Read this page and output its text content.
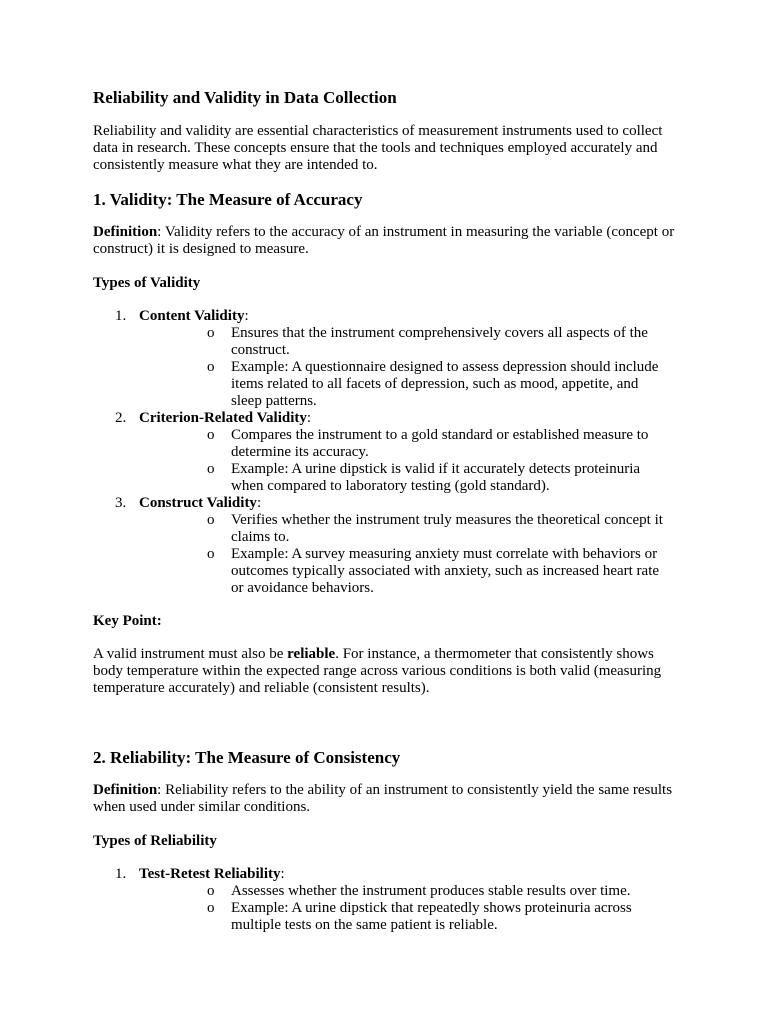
Reliability and Validity in Data Collection

Reliability and validity are essential characteristics of measurement instruments used to collect data in research. These concepts ensure that the tools and techniques employed accurately and consistently measure what they are intended to.

1. Validity: The Measure of Accuracy

Definition: Validity refers to the accuracy of an instrument in measuring the variable (concept or construct) it is designed to measure.

Types of Validity
1. Content Validity:
o Ensures that the instrument comprehensively covers all aspects of the construct.
o Example: A questionnaire designed to assess depression should include items related to all facets of depression, such as mood, appetite, and sleep patterns.
2. Criterion-Related Validity:
o Compares the instrument to a gold standard or established measure to determine its accuracy.
o Example: A urine dipstick is valid if it accurately detects proteinuria when compared to laboratory testing (gold standard).
3. Construct Validity:
o Verifies whether the instrument truly measures the theoretical concept it claims to.
o Example: A survey measuring anxiety must correlate with behaviors or outcomes typically associated with anxiety, such as increased heart rate or avoidance behaviors.
Key Point:

A valid instrument must also be reliable. For instance, a thermometer that consistently shows body temperature within the expected range across various conditions is both valid (measuring temperature accurately) and reliable (consistent results).

2. Reliability: The Measure of Consistency

Definition: Reliability refers to the ability of an instrument to consistently yield the same results when used under similar conditions.

Types of Reliability
1. Test-Retest Reliability:
o Assesses whether the instrument produces stable results over time.
o Example: A urine dipstick that repeatedly shows proteinuria across multiple tests on the same patient is reliable.
